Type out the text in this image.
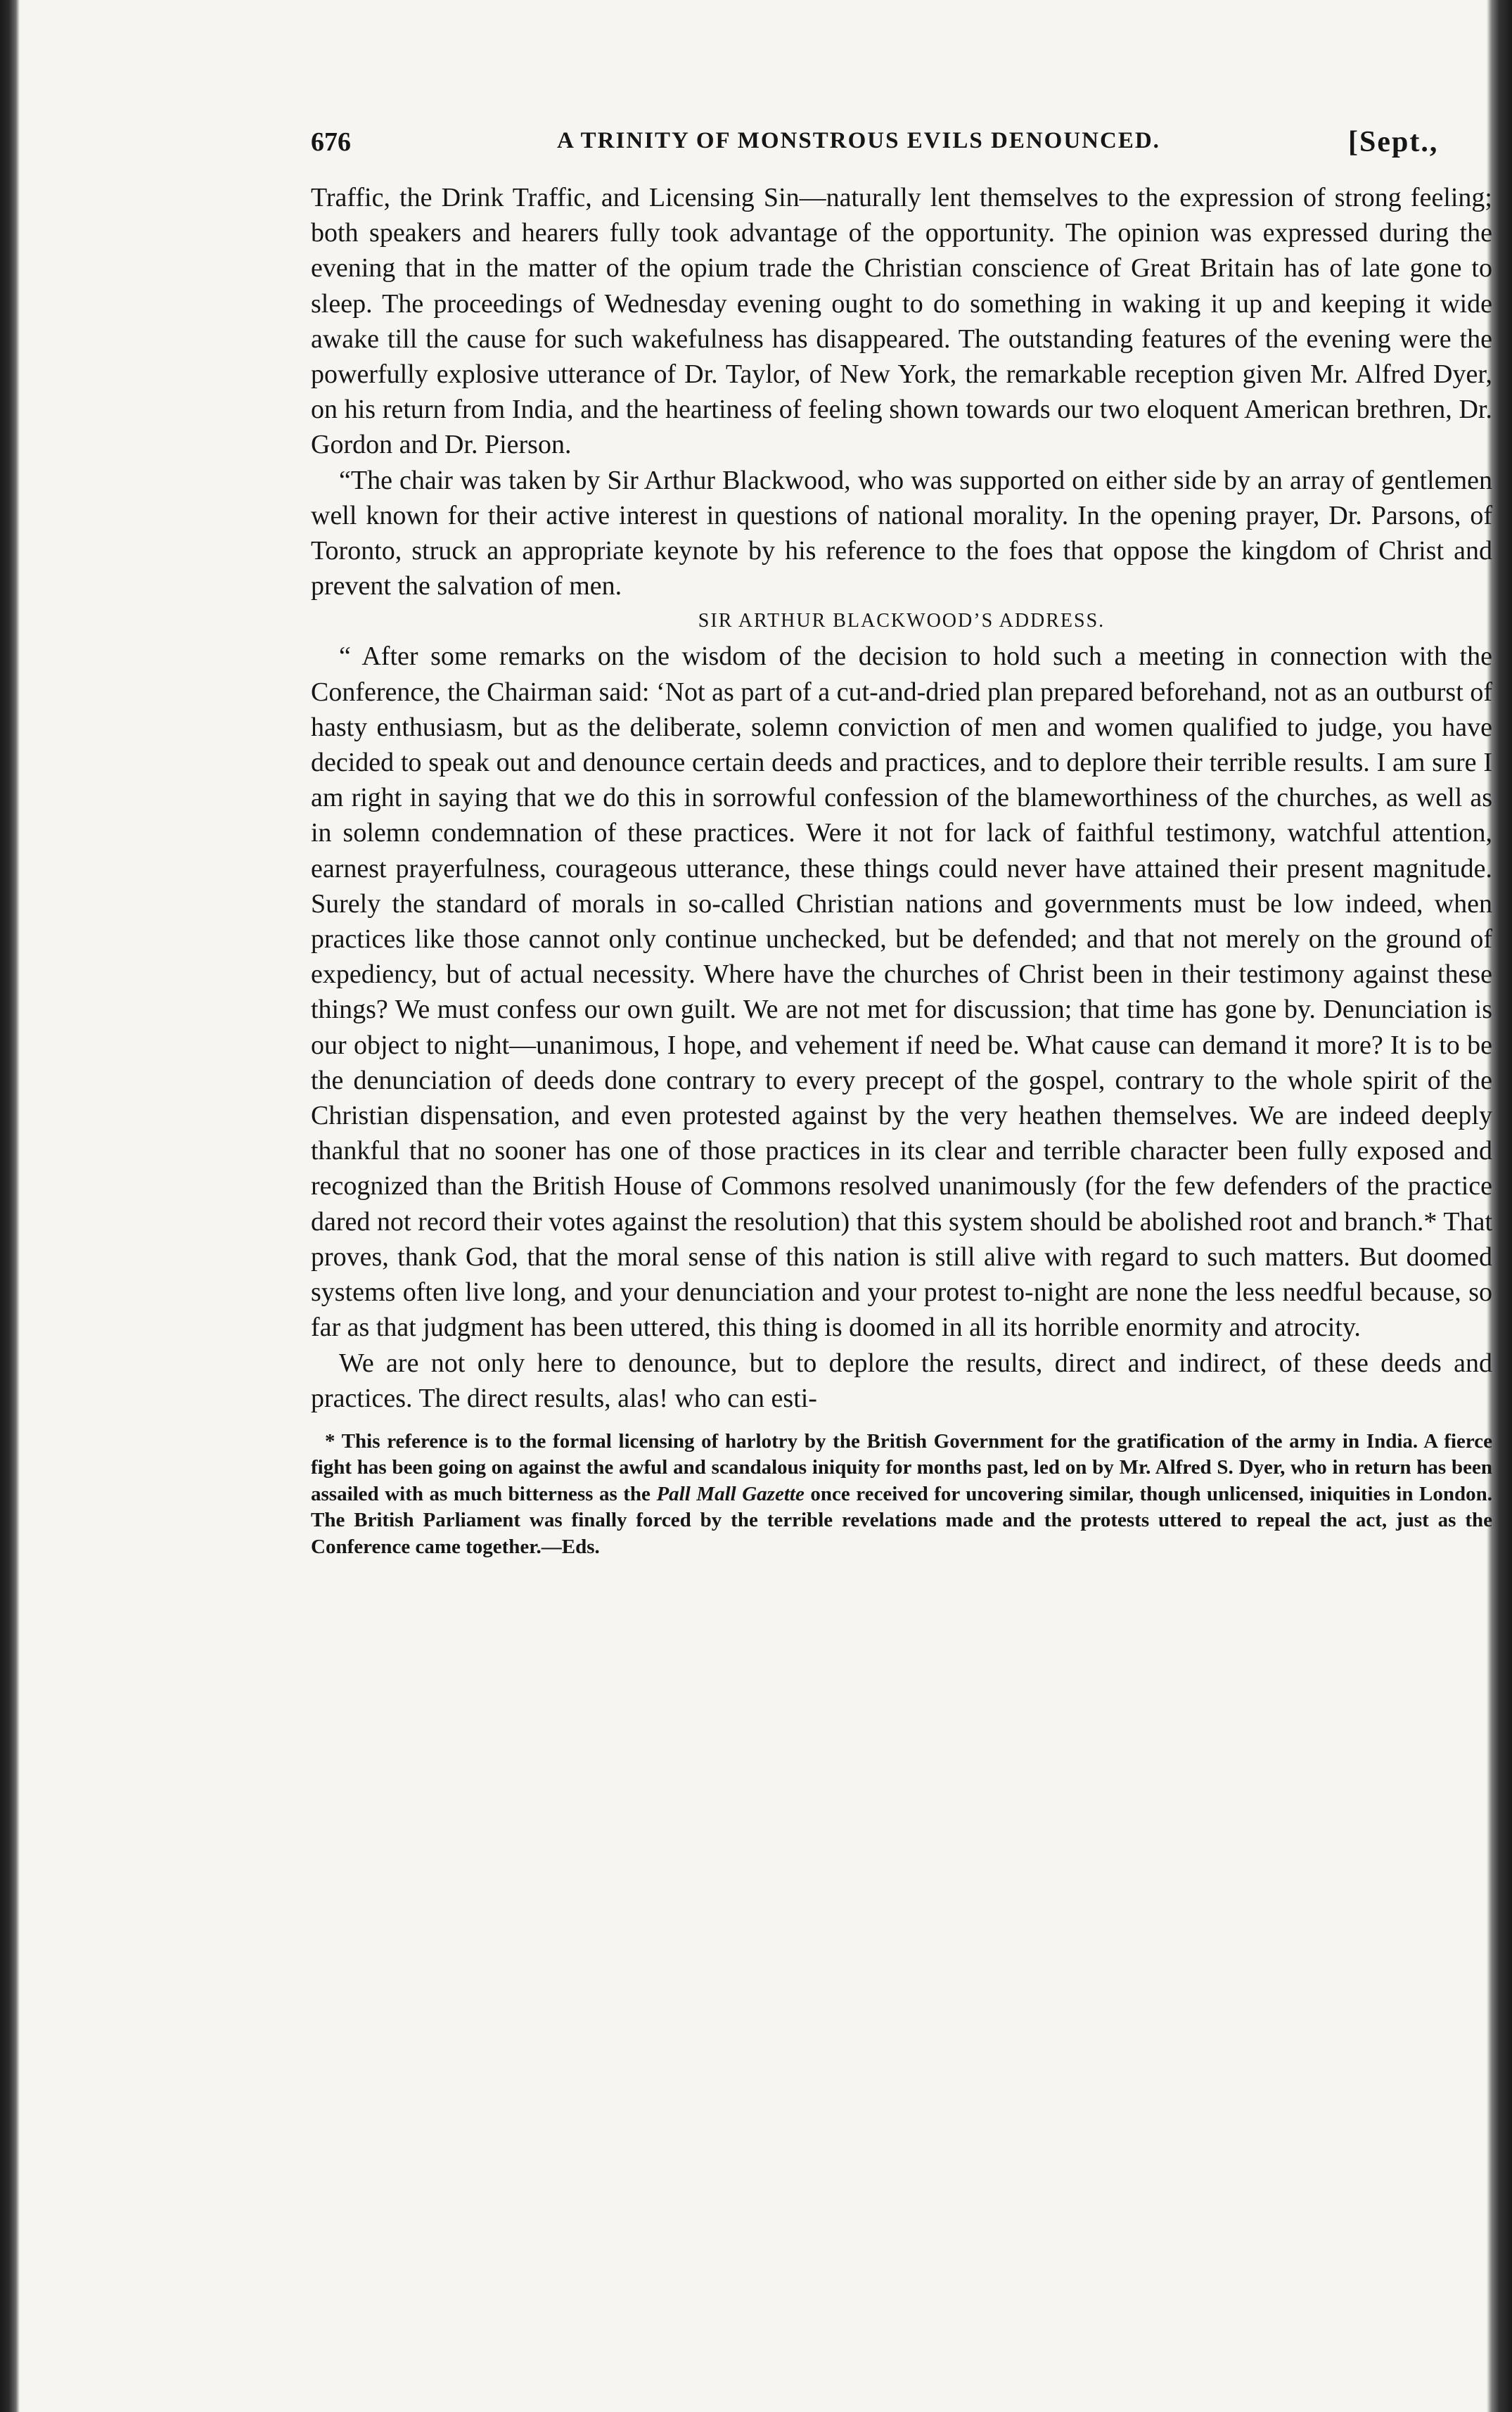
676	A TRINITY OF MONSTROUS EVILS DENOUNCED.	[Sept.,

Traffic, the Drink Traffic, and Licensing Sin—naturally lent themselves to the expression of strong feeling; both speakers and hearers fully took advantage of the opportunity. The opinion was expressed during the evening that in the matter of the opium trade the Christian conscience of Great Britain has of late gone to sleep. The proceedings of Wednesday evening ought to do something in waking it up and keeping it wide awake till the cause for such wakefulness has disappeared. The outstanding features of the evening were the powerfully explosive utterance of Dr. Taylor, of New York, the remarkable reception given Mr. Alfred Dyer, on his return from India, and the heartiness of feeling shown towards our two eloquent American brethren, Dr. Gordon and Dr. Pierson.

“The chair was taken by Sir Arthur Blackwood, who was supported on either side by an array of gentlemen well known for their active interest in questions of national morality. In the opening prayer, Dr. Parsons, of Toronto, struck an appropriate keynote by his reference to the foes that oppose the kingdom of Christ and prevent the salvation of men.

SIR ARTHUR BLACKWOOD’S ADDRESS.

“ After some remarks on the wisdom of the decision to hold such a meeting in connection with the Conference, the Chairman said: ‘Not as part of a cut-and-dried plan prepared beforehand, not as an outburst of hasty enthusiasm, but as the deliberate, solemn conviction of men and women qualified to judge, you have decided to speak out and denounce certain deeds and practices, and to deplore their terrible results. I am sure I am right in saying that we do this in sorrowful confession of the blameworthiness of the churches, as well as in solemn condemnation of these practices. Were it not for lack of faithful testimony, watchful attention, earnest prayerfulness, courageous utterance, these things could never have attained their present magnitude. Surely the standard of morals in so-called Christian nations and governments must be low indeed, when practices like those cannot only continue unchecked, but be defended; and that not merely on the ground of expediency, but of actual necessity. Where have the churches of Christ been in their testimony against these things? We must confess our own guilt. We are not met for discussion; that time has gone by. Denunciation is our object to night—unanimous, I hope, and vehement if need be. What cause can demand it more? It is to be the denunciation of deeds done contrary to every precept of the gospel, contrary to the whole spirit of the Christian dispensation, and even protested against by the very heathen themselves. We are indeed deeply thankful that no sooner has one of those practices in its clear and terrible character been fully exposed and recognized than the British House of Commons resolved unanimously (for the few defenders of the practice dared not record their votes against the resolution) that this system should be abolished root and branch.* That proves, thank God, that the moral sense of this nation is still alive with regard to such matters. But doomed systems often live long, and your denunciation and your protest to-night are none the less needful because, so far as that judgment has been uttered, this thing is doomed in all its horrible enormity and atrocity.

We are not only here to denounce, but to deplore the results, direct and indirect, of these deeds and practices. The direct results, alas! who can esti-

* This reference is to the formal licensing of harlotry by the British Government for the gratification of the army in India. A fierce fight has been going on against the awful and scandalous iniquity for months past, led on by Mr. Alfred S. Dyer, who in return has been assailed with as much bitterness as the Pall Mall Gazette once received for uncovering similar, though unlicensed, iniquities in London. The British Parliament was finally forced by the terrible revelations made and the protests uttered to repeal the act, just as the Conference came together.—Eds.
